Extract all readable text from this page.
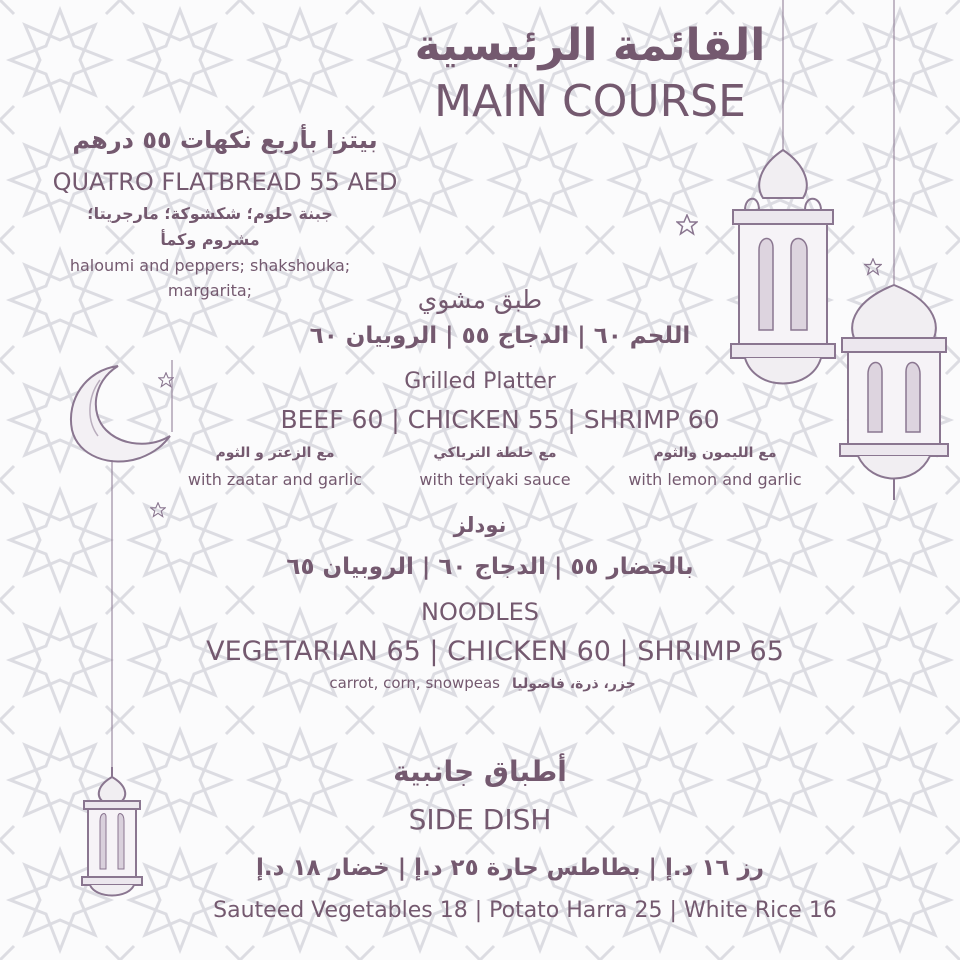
القائمة الرئيسية
MAIN COURSE
بيتزا بأربع نكهات ٥٥ درهم
QUATRO FLATBREAD 55 AED
جبنة حلوم؛ شكشوكة؛ مارجريتا؛
مشروم وكمأ
haloumi and peppers; shakshouka;
margarita;	طبق مشوي
اللحم ٦٠ | الدجاج ٥٥ | الروبيان ٦٠
Grilled Platter
BEEF 60 | CHICKEN 55 | SHRIMP 60
مع الزعتر و الثوم
with zaatar and garlic
مع خلطة الترياكي
with teriyaki sauce
مع الليمون والثوم
with lemon and garlic
نودلز
بالخضار ٥٥ | الدجاج ٦٠ | الروبيان ٦٥
NOODLES
VEGETARIAN 65 | CHICKEN 60 | SHRIMP 65
carrot, corn, snowpeas جزر، ذرة، فاصوليا
أطباق جانبية
SIDE DISH
رز ١٦ د.إ | بطاطس حارة ٢٥ د.إ | خضار ١٨ د.إ
Sauteed Vegetables 18 | Potato Harra 25 | White Rice 16
